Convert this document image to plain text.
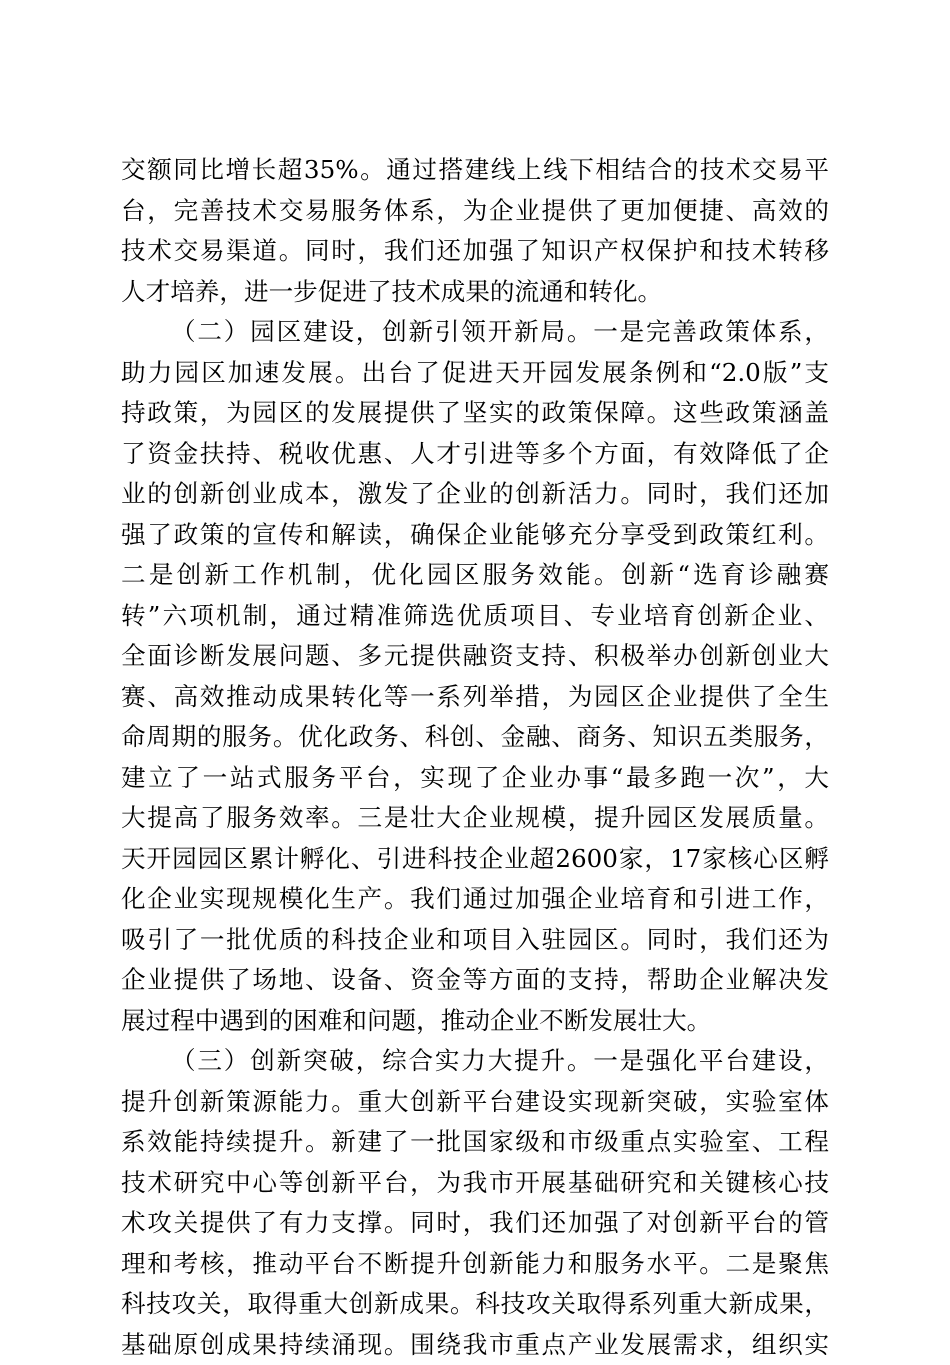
交额同比增长超35%。通过搭建线上线下相结合的技术交易平
台，完善技术交易服务体系，为企业提供了更加便捷、高效的
技术交易渠道。同时，我们还加强了知识产权保护和技术转移
人才培养，进一步促进了技术成果的流通和转化。
（二）园区建设，创新引领开新局。一是完善政策体系，
助力园区加速发展。出台了促进天开园发展条例和“2.0版”支
持政策，为园区的发展提供了坚实的政策保障。这些政策涵盖
了资金扶持、税收优惠、人才引进等多个方面，有效降低了企
业的创新创业成本，激发了企业的创新活力。同时，我们还加
强了政策的宣传和解读，确保企业能够充分享受到政策红利。
二是创新工作机制，优化园区服务效能。创新“选育诊融赛
转”六项机制，通过精准筛选优质项目、专业培育创新企业、
全面诊断发展问题、多元提供融资支持、积极举办创新创业大
赛、高效推动成果转化等一系列举措，为园区企业提供了全生
命周期的服务。优化政务、科创、金融、商务、知识五类服务，
建立了一站式服务平台，实现了企业办事“最多跑一次”，大
大提高了服务效率。三是壮大企业规模，提升园区发展质量。
天开园园区累计孵化、引进科技企业超2600家，17家核心区孵
化企业实现规模化生产。我们通过加强企业培育和引进工作，
吸引了一批优质的科技企业和项目入驻园区。同时，我们还为
企业提供了场地、设备、资金等方面的支持，帮助企业解决发
展过程中遇到的困难和问题，推动企业不断发展壮大。
（三）创新突破，综合实力大提升。一是强化平台建设，
提升创新策源能力。重大创新平台建设实现新突破，实验室体
系效能持续提升。新建了一批国家级和市级重点实验室、工程
技术研究中心等创新平台，为我市开展基础研究和关键核心技
术攻关提供了有力支撑。同时，我们还加强了对创新平台的管
理和考核，推动平台不断提升创新能力和服务水平。二是聚焦
科技攻关，取得重大创新成果。科技攻关取得系列重大新成果，
基础原创成果持续涌现。围绕我市重点产业发展需求，组织实
